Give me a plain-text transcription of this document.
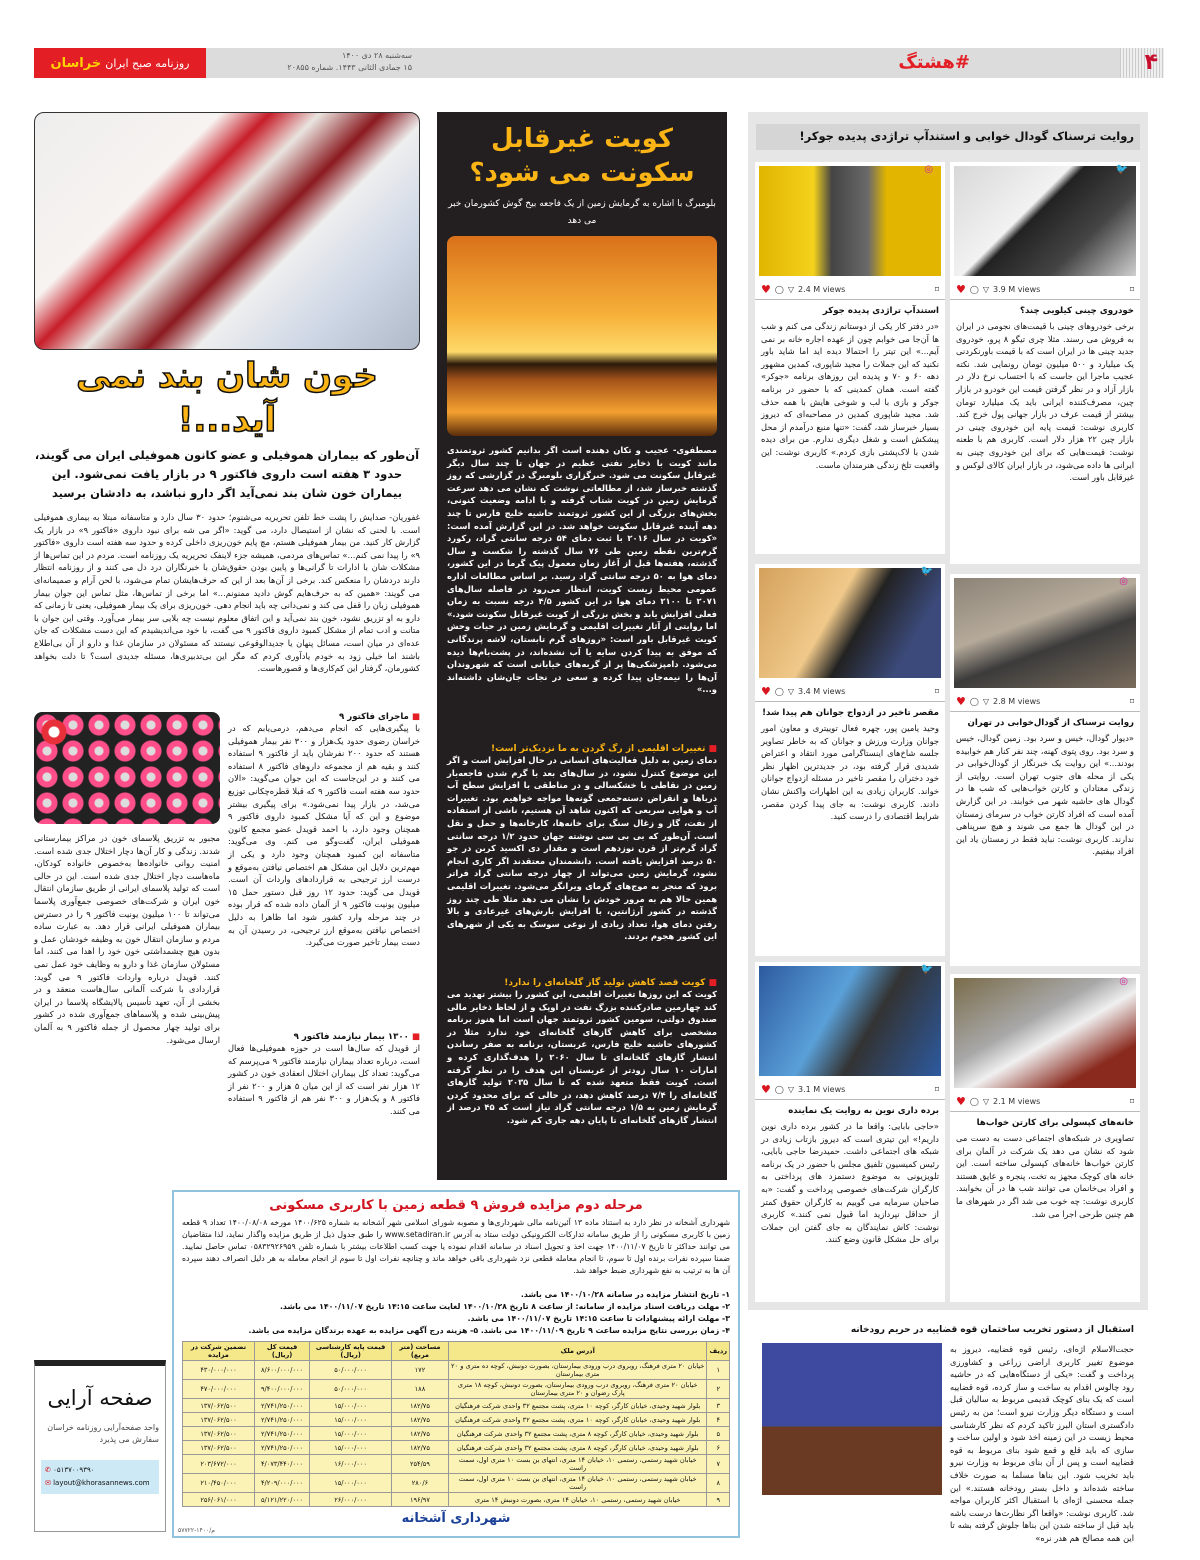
خراسان روزنامه صبح ایران
سه‌شنبه ۲۸ دی ۱۴۰۰
۱۵ جمادی الثانی ۱۴۴۳. شماره ۲۰۸۵۵	#هشتگ	۴
خون شان بند نمی آید...!
آن‌طور که بیماران هموفیلی و عضو کانون هموفیلی ایران می گویند، حدود ۳ هفته است داروی فاکتور ۹ در بازار یافت نمی‌شود. این بیماران خون شان بند نمی‌آید اگر دارو نباشد، به دادشان برسید
غفوریان- صدایش را پشت خط تلفن تحریریه می‌شنوم؛ حدود ۳۰ سال دارد و متاسفانه مبتلا به بیماری هموفیلی است. با لحنی که نشان از استیصال دارد، می گوید: «اگر می شه برای نبود داروی «فاکتور ۹» در بازار یک گزارش کار کنید. من بیمار هموفیلی هستم، مچ پایم خون‌ریزی داخلی کرده و حدود سه هفته است داروی «فاکتور ۹» را پیدا نمی کنم...» تماس‌های مردمی، همیشه جزء لاینفک تحریریه یک روزنامه است. مردم در این تماس‌ها از مشکلات شان با ادارات تا گرانی‌ها و پایین بودن حقوق‌شان با خبرنگاران درد دل می کنند و از روزنامه انتظار دارند دردشان را منعکس کند. برخی از آن‌ها بعد از این که حرف‌هایشان تمام می‌شود، با لحن آرام و صمیمانه‌ای می گویند: «همین که به حرف‌هایم گوش دادید ممنونم...» اما برخی از تماس‌ها، مثل تماس این جوان بیمار هموفیلی زبان را قفل می کند و نمی‌دانی چه باید انجام دهی. خون‌ریزی برای یک بیمار هموفیلی، یعنی تا زمانی که دارو به او تزریق نشود، خون بند نمی‌آید و این اتفاق معلوم نیست چه بلایی سر بیمار می‌آورد. وقتی این جوان با متانت و ادب تمام از مشکل کمبود داروی فاکتور ۹ می گفت، با خود می‌اندیشیدم که این دست مشکلات که جان عده‌ای در میان است، مسائل پنهان یا جدیدالوقوعی نیستند که مسئولان در سازمان غذا و دارو از آن بی‌اطلاع باشند اما خیلی زود به خودم یادآوری کردم که مگر این بی‌تدبیری‌ها، مسئله جدیدی است؟ تا دلت بخواهد کشورمان، گرفتار این کم‌کاری‌ها و قصورهاست.
■ ماجرای فاکتور ۹
با پیگیری‌هایی که انجام می‌دهم، درمی‌یابم که در خراسان رضوی حدود یک‌هزار و ۳۰۰ نفر بیمار هموفیلی هستند که حدود ۲۰۰ نفرشان باید از فاکتور ۹ استفاده کنند و بقیه هم از مجموعه داروهای فاکتور ۸ استفاده می کنند و در این‌جاست که این جوان می‌گوید: «الان حدود سه هفته است فاکتور ۹ که قبلا قطره‌چکانی توزیع می‌شد، در بازار پیدا نمی‌شود.» برای پیگیری بیشتر موضوع و این که آیا مشکل کمبود داروی فاکتور ۹ همچنان وجود دارد، با احمد قویدل عضو مجمع کانون هموفیلی ایران، گفت‌وگو می کنم. وی می‌گوید: متاسفانه این کمبود همچنان وجود دارد و یکی از مهم‌ترین دلایل این مشکل هم اختصاص نیافتن به‌موقع و درست ارز ترجیحی به قراردادهای واردات آن است. قویدل می گوید: حدود ۱۲ روز قبل دستور حمل ۱۵ میلیون یونیت فاکتور ۹ از آلمان داده شده که قرار بوده در چند مرحله وارد کشور شود اما ظاهرا به دلیل اختصاص نیافتن به‌موقع ارز ترجیحی، در رسیدن آن به دست بیمار تاخیر صورت می‌گیرد.
■ ۱۳۰۰ بیمار نیازمند فاکتور ۹
از قویدل که سال‌ها است در حوزه هموفیلی‌ها فعال است، درباره تعداد بیماران نیازمند فاکتور ۹ می‌پرسم که می‌گوید: تعداد کل بیماران اختلال انعقادی خون در کشور ۱۲ هزار نفر است که از این میان ۵ هزار و ۲۰۰ نفر از فاکتور ۸ و یک‌هزار و ۳۰۰ نفر هم از فاکتور ۹ استفاده می کنند.
مجبور به تزریق پلاسمای خون در مراکز بیمارستانی شدند. زندگی و کار آن‌ها دچار اختلال جدی شده است. امنیت روانی خانواده‌ها به‌خصوص خانواده کودکان، ماه‌هاست دچار اختلال جدی شده است. این در حالی است که تولید پلاسمای ایرانی از طریق سازمان انتقال خون ایران و شرکت‌های خصوصی جمع‌آوری پلاسما می‌تواند تا ۱۰۰ میلیون یونیت فاکتور ۹ را در دسترس بیماران هموفیلی ایرانی قرار دهد. به عبارت ساده مردم و سازمان انتقال خون به وظیفه خودشان عمل و بدون هیچ چشمداشتی خون خود را اهدا می کنند، اما مسئولان سازمان غذا و دارو به وظایف خود عمل نمی کنند. قویدل درباره واردات فاکتور ۹ می گوید: قراردادی با شرکت آلمانی سال‌هاست منعقد و در بخشی از آن، تعهد تأسیس پالایشگاه پلاسما در ایران پیش‌بینی شده و پلاسماهای جمع‌آوری شده در کشور برای تولید چهار محصول از جمله فاکتور ۹ به آلمان ارسال می‌شود.
کویت غیرقابل سکونت می شود؟
بلومبرگ با اشاره به گرمایش زمین از یک فاجعه بیخ گوش کشورمان خبر می دهد
مصطفوی- عجیب و تکان دهنده است اگر بدانیم کشور ثروتمندی مانند کویت با ذخایر نفتی عظیم در جهان تا چند سال دیگر غیرقابل سکونت می شود. خبرگزاری بلومبرگ در گزارشی که روز گذشته خبرساز شد، از مطالعاتی نوشت که نشان می دهد سرعت گرمایش زمین در کویت شتاب گرفته و با ادامه وضعیت کنونی، بخش‌های بزرگی از این کشور ثروتمند حاشیه خلیج فارس تا چند دهه آینده غیرقابل سکونت خواهد شد. در این گزارش آمده است: «کویت در سال ۲۰۱۶ با ثبت دمای ۵۴ درجه سانتی گراد، رکورد گرم‌ترین نقطه زمین طی ۷۶ سال گذشته را شکست و سال گذشته، هفته‌ها قبل از آغاز زمان معمول پیک گرما در این کشور، دمای هوا به ۵۰ درجه سانتی گراد رسید. بر اساس مطالعات اداره عمومی محیط زیست کویت، انتظار می‌رود در فاصله سال‌های ۲۰۷۱ تا ۲۱۰۰ دمای هوا در این کشور ۴/۵ درجه نسبت به زمان فعلی افزایش یابد و بخش بزرگی از کویت غیرقابل سکونت شود.» اما روایتی از آثار تغییرات اقلیمی و گرمایش زمین در حیات وحش کویت غیرقابل باور است: «روزهای گرم تابستان، لاشه پرندگانی که موفق به پیدا کردن سایه یا آب نشده‌اند، در پشت‌بام‌ها دیده می‌شود. دامپزشکی‌ها پر از گربه‌های خیابانی است که شهروندان آن‌ها را نیمه‌جان پیدا کرده و سعی در نجات جان‌شان داشته‌اند و...»
■ تغییرات اقلیمی از رگ گردن به ما نزدیک‌تر است!
دمای زمین به دلیل فعالیت‌های انسانی در حال افزایش است و اگر این موضوع کنترل نشود، در سال‌های بعد با گرم شدن فاجعه‌بار زمین در نقاطی با خشکسالی و در مناطقی با افزایش سطح آب دریاها و انقراض دسته‌جمعی گونه‌ها مواجه خواهیم بود. تغییرات آب و هوایی سریعی که اکنون شاهد آن هستیم، ناشی از استفاده از نفت، گاز و زغال سنگ برای خانه‌ها، کارخانه‌ها و حمل و نقل است. آن‌طور که بی بی سی نوشته جهان حدود ۱/۲ درجه سانتی گراد گرم‌تر از قرن نوزدهم است و مقدار دی اکسید کربن در جو ۵۰ درصد افزایش یافته است. دانشمندان معتقدند اگر کاری انجام نشود، گرمایش زمین می‌تواند از چهار درجه سانتی گراد فراتر برود که منجر به موج‌های گرمای ویرانگر می‌شود. تغییرات اقلیمی همین حالا هم به مرور خودش را نشان می دهد مثلا طی چند روز گذشته در کشور آرژانتین، با افزایش بارش‌های غیرعادی و بالا رفتن دمای هوا، تعداد زیادی از نوعی سوسک به یکی از شهرهای این کشور هجوم بردند.
■ کویت قصد کاهش تولید گاز گلخانه‌ای را ندارد!
کویت که این روزها تغییرات اقلیمی، این کشور را بیشتر تهدید می کند چهارمین صادرکننده بزرگ نفت در اوپک و از لحاظ ذخایر مالی صندوق دولتی، سومین کشور ثروتمند جهان است اما هنوز برنامه مشخصی برای کاهش گازهای گلخانه‌ای خود ندارد مثلا در کشورهای حاشیه خلیج فارس، عربستان، برنامه به صفر رساندن انتشار گازهای گلخانه‌ای تا سال ۲۰۶۰ را هدف‌گذاری کرده و امارات ۱۰ سال زودتر از عربستان این هدف را در نظر گرفته است. کویت فقط متعهد شده که تا سال ۲۰۳۵ تولید گازهای گلخانه‌ای را ۷/۴ درصد کاهش دهد، در حالی که برای محدود کردن گرمایش زمین به ۱/۵ درجه سانتی گراد نیاز است که ۴۵ درصد از انتشار گازهای گلخانه‌ای تا پایان دهه جاری کم شود.
روایت ترسناک گودال خوابی و استندآپ تراژدی پدیده جوکر!
🐦
♥ ◯ ▽ 3.9 M views	⌑
خودروی چینی کیلویی چند؟
برخی خودروهای چینی با قیمت‌های نجومی در ایران به فروش می رسند. مثلا چری تیگو ۸ پرو، خودروی جدید چینی ها در ایران است که با قیمت باورنکردنی یک میلیارد و ۵۰۰ میلیون تومان رونمایی شد. نکته عجیب ماجرا این جاست که با احتساب نرخ دلار در بازار آزاد و در نظر گرفتن قیمت این خودرو در بازار چین، مصرف‌کننده ایرانی باید یک میلیارد تومان بیشتر از قیمت عرف در بازار جهانی پول خرج کند. کاربری نوشت: قیمت پایه این خودروی چینی در بازار چین ۲۲ هزار دلار است. کاربری هم با طعنه نوشت: قیمت‌هایی که برای این خودروی چینی به ایرانی ها داده می‌شود، در بازار ایران کالای لوکس و غیرقابل باور است.
◎
♥ ◯ ▽ 2.4 M views	⌑
استندآپ تراژدی پدیده جوکر
«در دفتر کار یکی از دوستانم زندگی می کنم و شب ها آن‌جا می خوابم چون از عهده اجاره خانه بر نمی آیم...» این تیتر را احتمالا دیده اید اما شاید باور نکنید که این جملات را مجید شاپوری، کمدین مشهور دهه ۶۰ و ۷۰ و پدیده این روزهای برنامه «جوکر» گفته است. همان کمدینی که با حضور در برنامه جوکر و بازی با لب و شوخی هایش با همه حذف شد. مجید شاپوری کمدین در مصاحبه‌ای که دیروز بسیار خبرساز شد، گفت: «تنها منبع درآمدم از محل پیشکش است و شغل دیگری ندارم. من برای دیده شدن با لاک‌پشتی بازی کردم.» کاربری نوشت: این واقعیت تلخ زندگی هنرمندان ماست.
◎
♥ ◯ ▽ 2.8 M views	⌑
روایت ترسناک از گودال‌خوابی در تهران
«دیوار گودال، خیس و سرد بود. زمین گودال، خیس و سرد بود. روی پتوی کهنه، چند نفر کنار هم خوابیده بودند...» این روایت یک خبرنگار از گودال‌خوابی در یکی از محله های جنوب تهران است. روایتی از زندگی معتادان و کارتن خواب‌هایی که شب ها در گودال های حاشیه شهر می خوابند. در این گزارش آمده است که افراد کارتن خواب در سرمای زمستان در این گودال ها جمع می شوند و هیچ سرپناهی ندارند. کاربری نوشت: نباید فقط در زمستان یاد این افراد بیفتیم.
🐦
♥ ◯ ▽ 3.4 M views	⌑
مقصر تاخیر در ازدواج جوانان هم پیدا شد!
وحید یامین پور، چهره فعال توییتری و معاون امور جوانان وزارت ورزش و جوانان که به خاطر تصاویر جلسه شاخ‌های اینستاگرامی مورد انتقاد و اعتراض شدیدی قرار گرفته بود، در جدیدترین اظهار نظر خود دختران را مقصر تاخیر در مسئله ازدواج جوانان خواند. کاربران زیادی به این اظهارات واکنش نشان دادند. کاربری نوشت: به جای پیدا کردن مقصر، شرایط اقتصادی را درست کنید.
◎
♥ ◯ ▽ 2.1 M views	⌑
خانه‌های کپسولی برای کارتن خواب‌ها
تصاویری در شبکه‌های اجتماعی دست به دست می شود که نشان می دهد یک شرکت در آلمان برای کارتن خواب‌ها خانه‌های کپسولی ساخته است. این خانه های کوچک مجهز به تخت، پنجره و عایق هستند و افراد بی‌خانمان می توانند شب ها در آن بخوابند. کاربری نوشت: چه خوب می شد اگر در شهرهای ما هم چنین طرحی اجرا می شد.
🐦
♥ ◯ ▽ 3.1 M views	⌑
برده داری نوین به روایت یک نماینده
«حاجی بابایی: واقعا ما در کشور برده داری نوین داریم!» این تیتری است که دیروز بازتاب زیادی در شبکه های اجتماعی داشت. حمیدرضا حاجی بابایی، رئیس کمیسیون تلفیق مجلس با حضور در یک برنامه تلویزیونی به موضوع دستمزد های پرداختی به کارگران شرکت‌های خصوصی پرداخت و گفت: «به صاحبان سرمایه می گوییم به کارگران حقوق کمتر از حداقل نپردازید اما قبول نمی کنند.» کاربری نوشت: کاش نمایندگان به جای گفتن این جملات برای حل مشکل قانون وضع کنند.
استقبال از دستور تخریب ساختمان قوه قضاییه در حریم رودخانه
حجت‌الاسلام اژه‌ای، رئیس قوه قضاییه، دیروز به موضوع تغییر کاربری اراضی زراعی و کشاورزی پرداخت و گفت: «یکی از دستگاه‌هایی که در حاشیه رود چالوس اقدام به ساخت و ساز کرده، قوه قضاییه است که یک بنای کوچک قدیمی مربوط به سالیان قبل است و دستگاه دیگر وزارت نیرو است؛ من به رئیس دادگستری استان البرز تاکید کردم که نظر کارشناسی محیط زیست در این زمینه اخذ شود و اولین ساخت و سازی که باید قلع و قمع شود بنای مربوط به قوه قضاییه است و پس از آن بنای مربوط به وزارت نیرو باید تخریب شود. این بناها مسلما به صورت خلاف ساخته شده‌اند و داخل بستر رودخانه هستند.» این جمله محسنی اژه‌ای با استقبال اکثر کاربران مواجه شد. کاربری نوشت: «واقعا اگر نظارت‌ها درست باشه باید قبل از ساخته شدن این بناها جلوش گرفته بشه تا این همه مصالح هم هدر نره»
مرحله دوم مزایده فروش ۹ قطعه زمین با کاربری مسکونی
شهرداری آشخانه در نظر دارد به استناد ماده ۱۳ آئین‌نامه مالی شهرداری‌ها و مصوبه شورای اسلامی شهر آشخانه به شماره ۱۴۰۰/۶۲۵ مورخه ۱۴۰۰/۰۸/۰۸ تعداد ۹ قطعه زمین با کاربری مسکونی را از طریق سامانه تدارکات الکترونیکی دولت ستاد به آدرس www.setadiran.ir را طبق جدول ذیل از طریق مزایده واگذار نماید، لذا متقاضیان می توانند حداکثر تا تاریخ ۱۴۰۰/۱۱/۰۷ جهت اخذ و تحویل اسناد در سامانه اقدام نموده یا جهت کسب اطلاعات بیشتر با شماره تلفن ۰۵۸۳۲۹۲۶۹۵۹ تماس حاصل نمایید. ضمنا سپرده نفرات برنده اول تا سوم، تا انجام معامله قطعی نزد شهرداری باقی خواهد ماند و چنانچه نفرات اول تا سوم از انجام معامله به هر دلیل انصراف دهند سپرده آن ها به ترتیب به نفع شهرداری ضبط خواهد شد.
۱- تاریخ انتشار مزایده در سامانه ۱۴۰۰/۱۰/۲۸ می باشد.
۲- مهلت دریافت اسناد مزایده از سامانه: از ساعت ۸ تاریخ ۱۴۰۰/۱۰/۲۸ لغایت ساعت ۱۴:۱۵ تاریخ ۱۴۰۰/۱۱/۰۷ می باشد.
۳- مهلت ارائه پیشنهادات تا ساعت ۱۴:۱۵ تاریخ ۱۴۰۰/۱۱/۰۷ می باشد.
۴- زمان بررسی نتایج مزایده ساعت ۹ تاریخ ۱۴۰۰/۱۱/۰۹ می باشد. ۵- هزینه درج آگهی مزایده به عهده برندگان مزایده می باشد.
ردیف	آدرس ملک	مساحت (متر مربع)	قیمت پایه کارشناسی (ریال)	قیمت کل (ریال)	تضمین شرکت در مزایده
۱	خیابان ۲۰ متری فرهنگ، روبروی درب ورودی بیمارستان، بصورت دونبش، کوچه ده متری و ۲۰ متری بیمارستان	۱۷۲	۵۰/۰۰۰/۰۰۰	۸/۶۰۰/۰۰۰/۰۰۰	۴۳۰/۰۰۰/۰۰۰
۲	خیابان ۲۰ متری فرهنگ، روبروی درب ورودی بیمارستان، بصورت دونبش، کوچه ۱۸ متری پارک رضوان و ۲۰ متری بیمارستان	۱۸۸	۵۰/۰۰۰/۰۰۰	۹/۴۰۰/۰۰۰/۰۰۰	۴۷۰/۰۰۰/۰۰۰
۳	بلوار شهید وحیدی، خیابان کارگر، کوچه ۱۰ متری، پشت مجتمع ۳۲ واحدی شرکت فرهنگیان	۱۸۲/۷۵	۱۵/۰۰۰/۰۰۰	۲/۷۴۱/۲۵۰/۰۰۰	۱۳۷/۰۶۲/۵۰۰
۴	بلوار شهید وحیدی، خیابان کارگر، کوچه ۱۰ متری، پشت مجتمع ۳۲ واحدی شرکت فرهنگیان	۱۸۲/۷۵	۱۵/۰۰۰/۰۰۰	۲/۷۴۱/۲۵۰/۰۰۰	۱۳۷/۰۶۲/۵۰۰
۵	بلوار شهید وحیدی، خیابان کارگر، کوچه ۸ متری، پشت مجتمع ۳۲ واحدی شرکت فرهنگیان	۱۸۲/۷۵	۱۵/۰۰۰/۰۰۰	۲/۷۴۱/۲۵۰/۰۰۰	۱۳۷/۰۶۲/۵۰۰
۶	بلوار شهید وحیدی، خیابان کارگر، کوچه ۸ متری، پشت مجتمع ۳۲ واحدی شرکت فرهنگیان	۱۸۲/۷۵	۱۵/۰۰۰/۰۰۰	۲/۷۴۱/۲۵۰/۰۰۰	۱۳۷/۰۶۲/۵۰۰
۷	خیابان شهید رستمی، رستمی ۱۰، خیابان ۱۴ متری، انتهای بن بست ۱۰ متری اول، سمت راست	۲۵۴/۵۹	۱۶/۰۰۰/۰۰۰	۴/۰۷۳/۴۴۰/۰۰۰	۲۰۳/۶۷۲/۰۰۰
۸	خیابان شهید رستمی، رستمی ۱۰، خیابان ۱۴ متری، انتهای بن بست ۱۰ متری اول، سمت راست	۲۸۰/۶	۱۵/۰۰۰/۰۰۰	۴/۲۰۹/۰۰۰/۰۰۰	۲۱۰/۴۵۰/۰۰۰
۹	خیابان شهید رستمی، رستمی ۱۰، خیابان ۱۴ متری، بصورت دونبش ۱۴ متری	۱۹۶/۹۷	۲۶/۰۰۰/۰۰۰	۵/۱۲۱/۲۲۰/۰۰۰	۲۵۶/۰۶۱/۰۰۰
شهرداری آشخانه
م/۱۴۰۰-۵۷۷۲۲
صفحه آرایی
واحد صفحه‌آرایی روزنامه خراسان سفارش می پذیرد
✆ ۰۵۱۳۷۰۰۹۳۹۰
✉ layout@khorasannews.com
